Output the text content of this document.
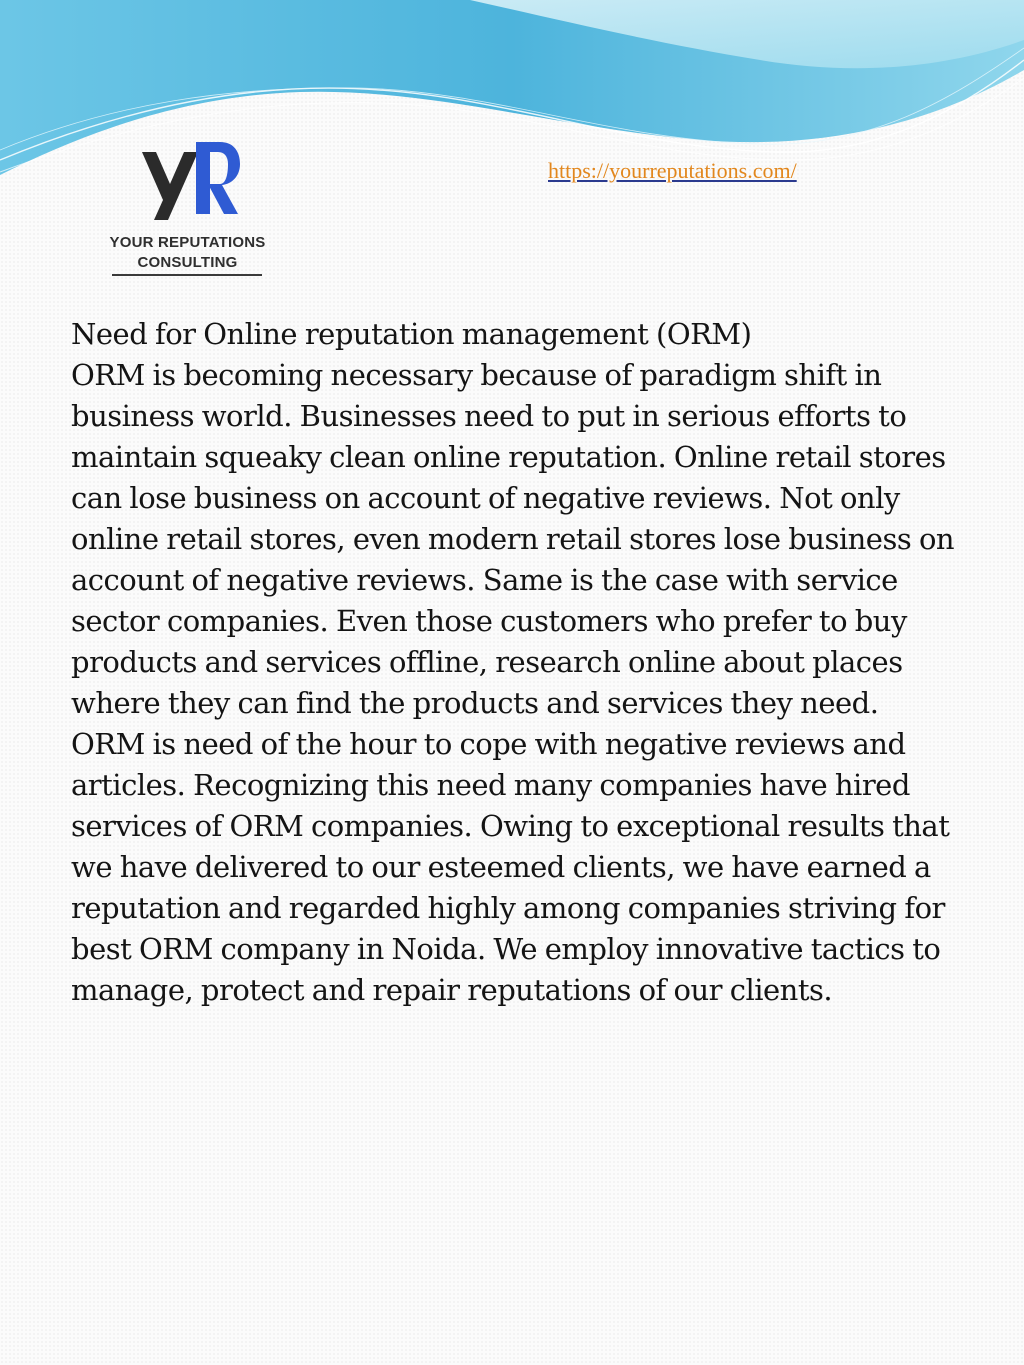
YOUR REPUTATIONS
CONSULTING
https://yourreputations.com/

Need for Online reputation management (ORM)

ORM is becoming necessary because of paradigm shift in business world. Businesses need to put in serious efforts to maintain squeaky clean online reputation. Online retail stores can lose business on account of negative reviews. Not only online retail stores, even modern retail stores lose business on account of negative reviews. Same is the case with service sector companies. Even those customers who prefer to buy products and services offline, research online about places where they can find the products and services they need.

ORM is need of the hour to cope with negative reviews and articles. Recognizing this need many companies have hired services of ORM companies. Owing to exceptional results that we have delivered to our esteemed clients, we have earned a reputation and regarded highly among companies striving for best ORM company in Noida. We employ innovative tactics to manage, protect and repair reputations of our clients.
